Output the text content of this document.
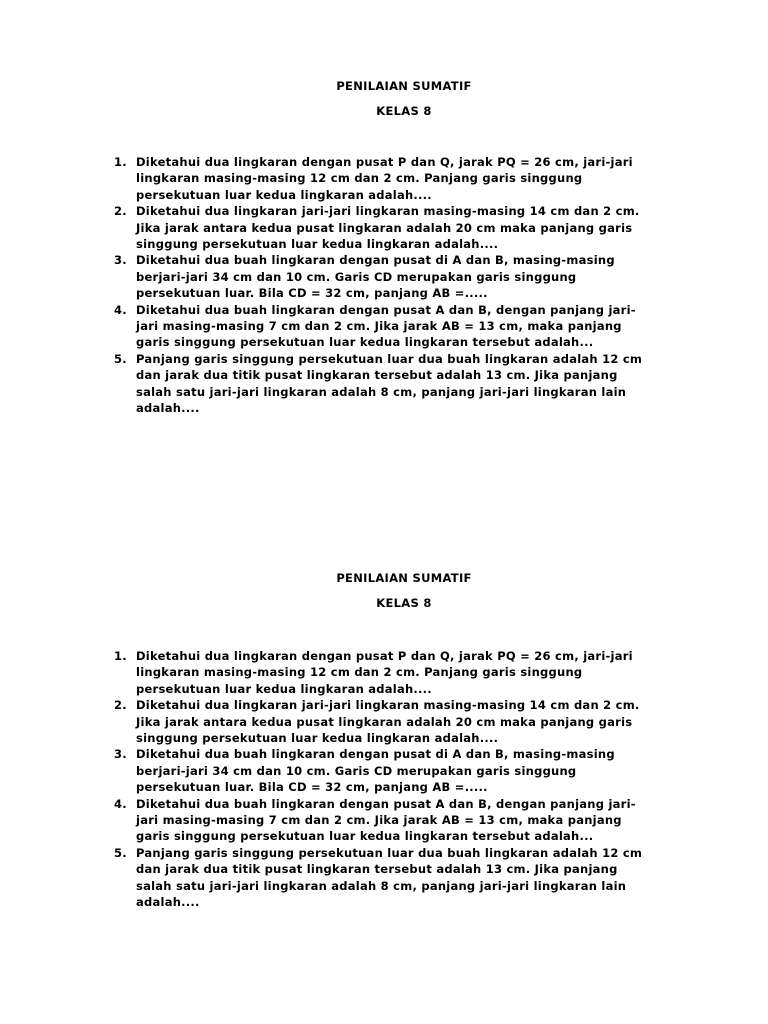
PENILAIAN SUMATIF

KELAS 8

1. Diketahui dua lingkaran dengan pusat P dan Q, jarak PQ = 26 cm, jari-jari
lingkaran masing-masing 12 cm dan 2 cm. Panjang garis singgung
persekutuan luar kedua lingkaran adalah....
2. Diketahui dua lingkaran jari-jari lingkaran masing-masing 14 cm dan 2 cm.
Jika jarak antara kedua pusat lingkaran adalah 20 cm maka panjang garis
singgung persekutuan luar kedua lingkaran adalah....
3. Diketahui dua buah lingkaran dengan pusat di A dan B, masing-masing
berjari-jari 34 cm dan 10 cm. Garis CD merupakan garis singgung
persekutuan luar. Bila CD = 32 cm, panjang AB =.....
4. Diketahui dua buah lingkaran dengan pusat A dan B, dengan panjang jari-
jari masing-masing 7 cm dan 2 cm. Jika jarak AB = 13 cm, maka panjang
garis singgung persekutuan luar kedua lingkaran tersebut adalah...
5. Panjang garis singgung persekutuan luar dua buah lingkaran adalah 12 cm
dan jarak dua titik pusat lingkaran tersebut adalah 13 cm. Jika panjang
salah satu jari-jari lingkaran adalah 8 cm, panjang jari-jari lingkaran lain
adalah....

PENILAIAN SUMATIF

KELAS 8

1. Diketahui dua lingkaran dengan pusat P dan Q, jarak PQ = 26 cm, jari-jari
lingkaran masing-masing 12 cm dan 2 cm. Panjang garis singgung
persekutuan luar kedua lingkaran adalah....
2. Diketahui dua lingkaran jari-jari lingkaran masing-masing 14 cm dan 2 cm.
Jika jarak antara kedua pusat lingkaran adalah 20 cm maka panjang garis
singgung persekutuan luar kedua lingkaran adalah....
3. Diketahui dua buah lingkaran dengan pusat di A dan B, masing-masing
berjari-jari 34 cm dan 10 cm. Garis CD merupakan garis singgung
persekutuan luar. Bila CD = 32 cm, panjang AB =.....
4. Diketahui dua buah lingkaran dengan pusat A dan B, dengan panjang jari-
jari masing-masing 7 cm dan 2 cm. Jika jarak AB = 13 cm, maka panjang
garis singgung persekutuan luar kedua lingkaran tersebut adalah...
5. Panjang garis singgung persekutuan luar dua buah lingkaran adalah 12 cm
dan jarak dua titik pusat lingkaran tersebut adalah 13 cm. Jika panjang
salah satu jari-jari lingkaran adalah 8 cm, panjang jari-jari lingkaran lain
adalah....
